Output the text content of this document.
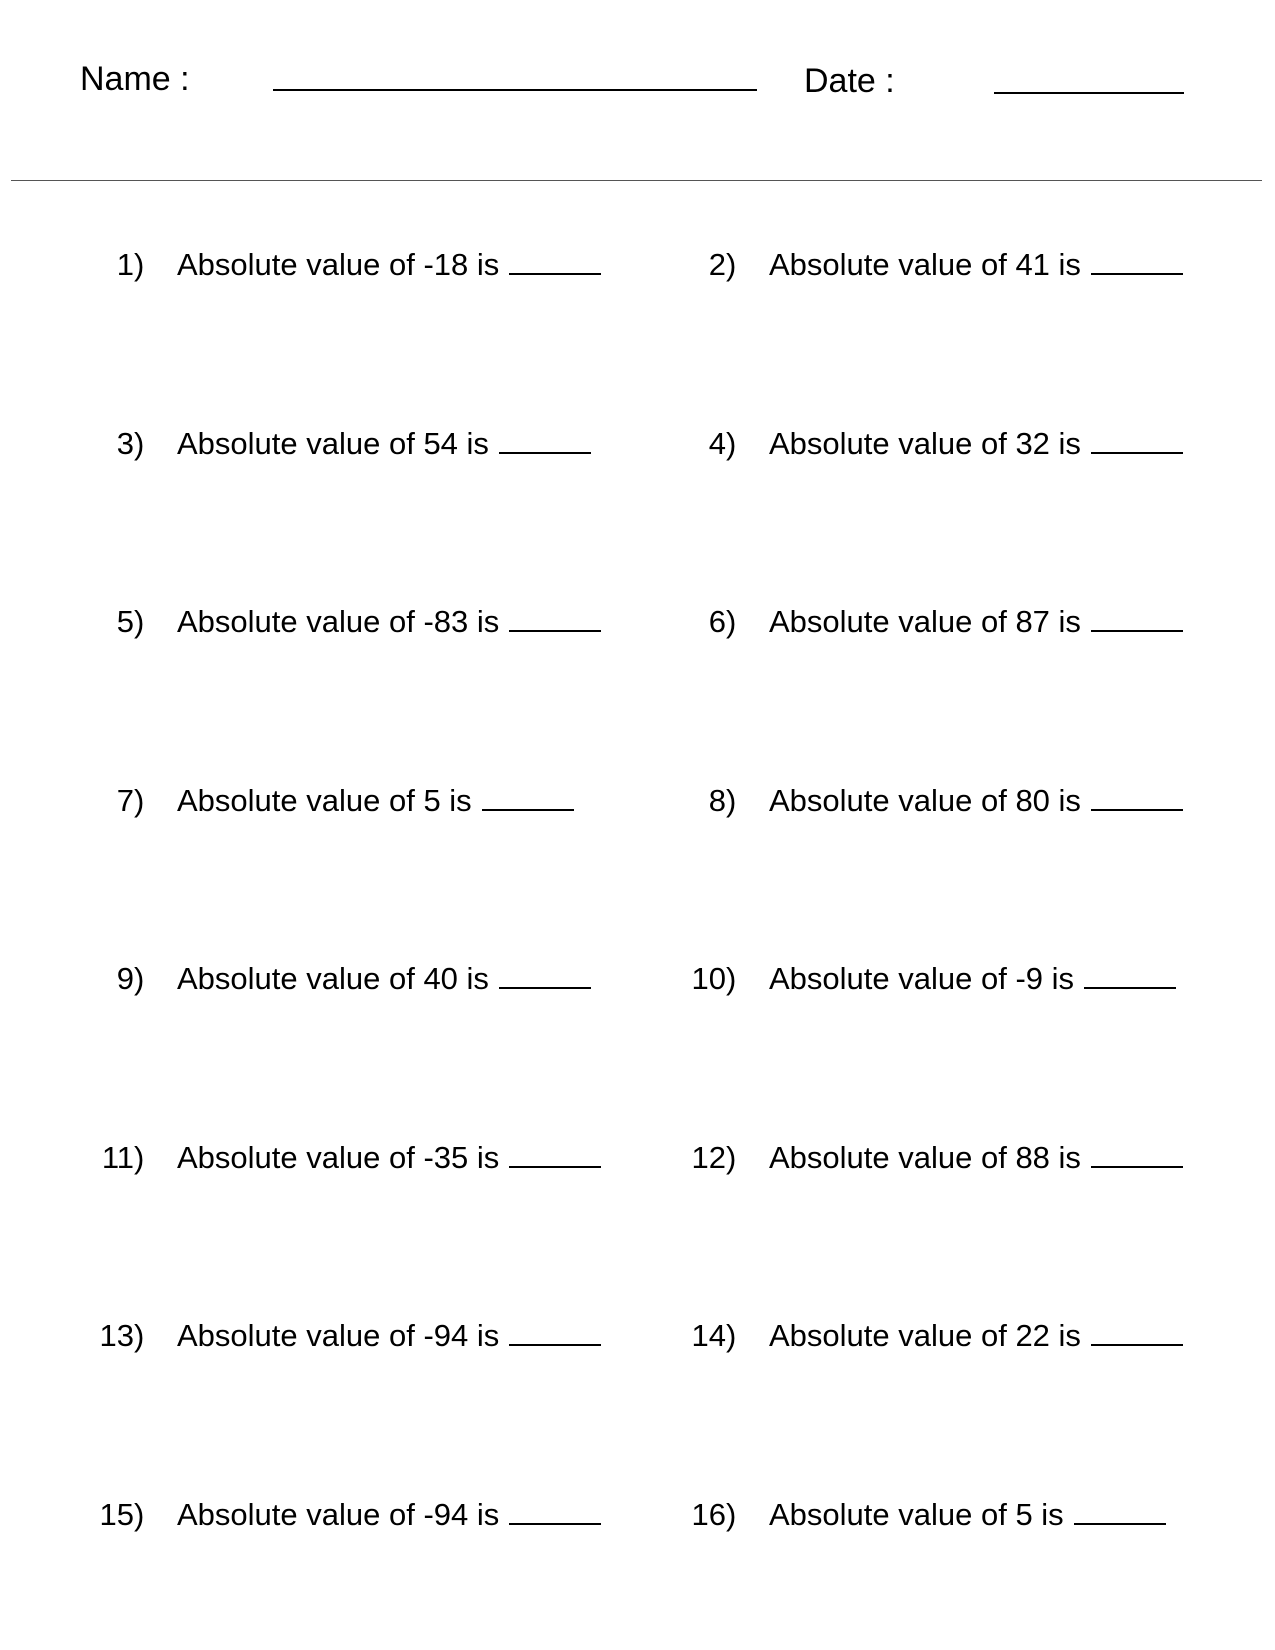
Name :	Date :
1 ) Absolute value of -18 is	2 ) Absolute value of 41 is
3 ) Absolute value of 54 is	4 ) Absolute value of 32 is
5 ) Absolute value of -83 is	6 ) Absolute value of 87 is
7 ) Absolute value of 5 is	8 ) Absolute value of 80 is
9 ) Absolute value of 40 is	10 ) Absolute value of -9 is
11 ) Absolute value of -35 is	12 ) Absolute value of 88 is
13 ) Absolute value of -94 is	14 ) Absolute value of 22 is
15 ) Absolute value of -94 is	16 ) Absolute value of 5 is
